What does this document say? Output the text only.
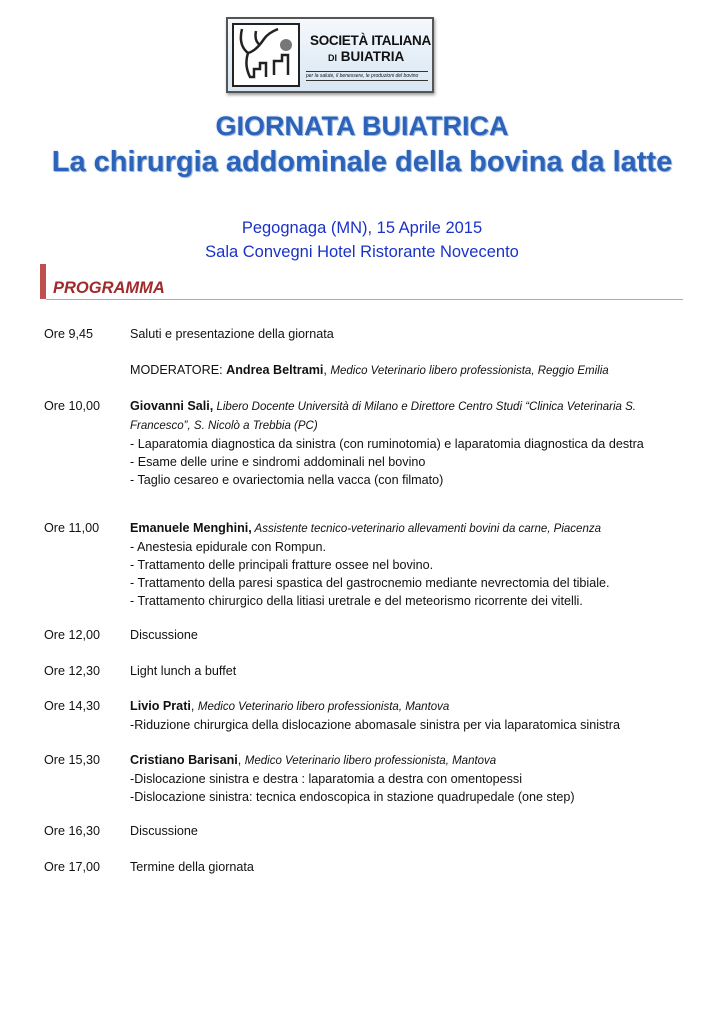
SOCIETÀ ITALIANA
DI BUIATRIA
per la salute, il benessere, le produzioni del bovino
GIORNATA BUIATRICA
La chirurgia addominale della bovina da latte
Pegognaga (MN), 15 Aprile 2015
Sala Convegni Hotel Ristorante Novecento
PROGRAMMA
Ore 9,45	Saluti e presentazione della giornata
MODERATORE: Andrea Beltrami, Medico Veterinario libero professionista, Reggio Emilia
Ore 10,00 Giovanni Sali, Libero Docente Università di Milano e Direttore Centro Studi “Clinica Veterinaria S. Francesco”, S. Nicolò a Trebbia (PC)
- Laparatomia diagnostica da sinistra (con ruminotomia) e laparatomia diagnostica da destra
- Esame delle urine e sindromi addominali nel bovino
- Taglio cesareo e ovariectomia nella vacca (con filmato)
Ore 11,00 Emanuele Menghini, Assistente tecnico-veterinario allevamenti bovini da carne, Piacenza
- Anestesia epidurale con Rompun.
- Trattamento delle principali fratture ossee nel bovino.
- Trattamento della paresi spastica del gastrocnemio mediante nevrectomia del tibiale.
- Trattamento chirurgico della litiasi uretrale e del meteorismo ricorrente dei vitelli.
Ore 12,00 Discussione
Ore 12,30 Light lunch a buffet
Ore 14,30 Livio Prati, Medico Veterinario libero professionista, Mantova
-Riduzione chirurgica della dislocazione abomasale sinistra per via laparatomica sinistra
Ore 15,30 Cristiano Barisani, Medico Veterinario libero professionista, Mantova
-Dislocazione sinistra e destra : laparatomia a destra con omentopessi
-Dislocazione sinistra: tecnica endoscopica in stazione quadrupedale (one step)
Ore 16,30 Discussione
Ore 17,00 Termine della giornata
